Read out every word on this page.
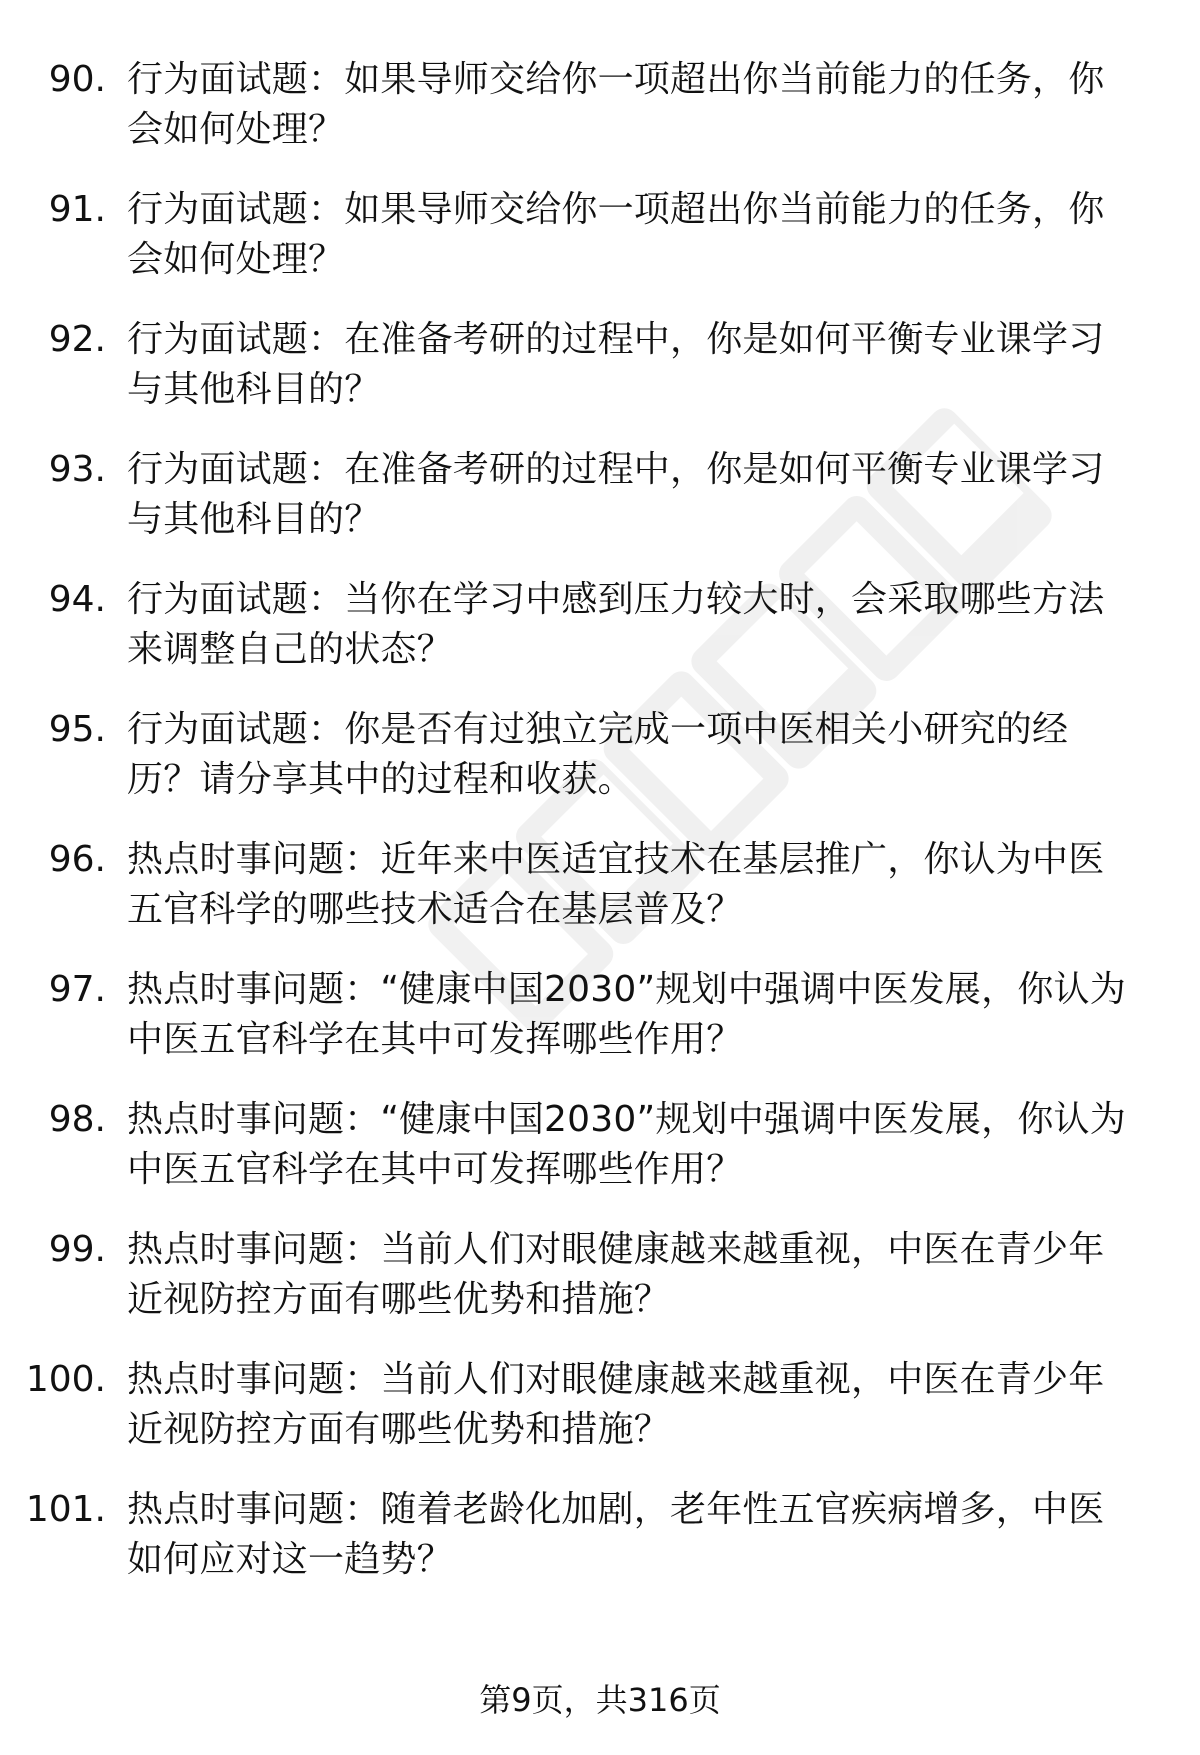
90. 行为面试题：如果导师交给你一项超出你当前能力的任务，你会如何处理？
91. 行为面试题：如果导师交给你一项超出你当前能力的任务，你会如何处理？
92. 行为面试题：在准备考研的过程中，你是如何平衡专业课学习与其他科目的？
93. 行为面试题：在准备考研的过程中，你是如何平衡专业课学习与其他科目的？
94. 行为面试题：当你在学习中感到压力较大时，会采取哪些方法来调整自己的状态？
95. 行为面试题：你是否有过独立完成一项中医相关小研究的经历？请分享其中的过程和收获。
96. 热点时事问题：近年来中医适宜技术在基层推广，你认为中医五官科学的哪些技术适合在基层普及？
97. 热点时事问题：“健康中国2030”规划中强调中医发展，你认为中医五官科学在其中可发挥哪些作用？
98. 热点时事问题：“健康中国2030”规划中强调中医发展，你认为中医五官科学在其中可发挥哪些作用？
99. 热点时事问题：当前人们对眼健康越来越重视，中医在青少年近视防控方面有哪些优势和措施？
100. 热点时事问题：当前人们对眼健康越来越重视，中医在青少年近视防控方面有哪些优势和措施？
101. 热点时事问题：随着老龄化加剧，老年性五官疾病增多，中医如何应对这一趋势？
第9页，共316页
